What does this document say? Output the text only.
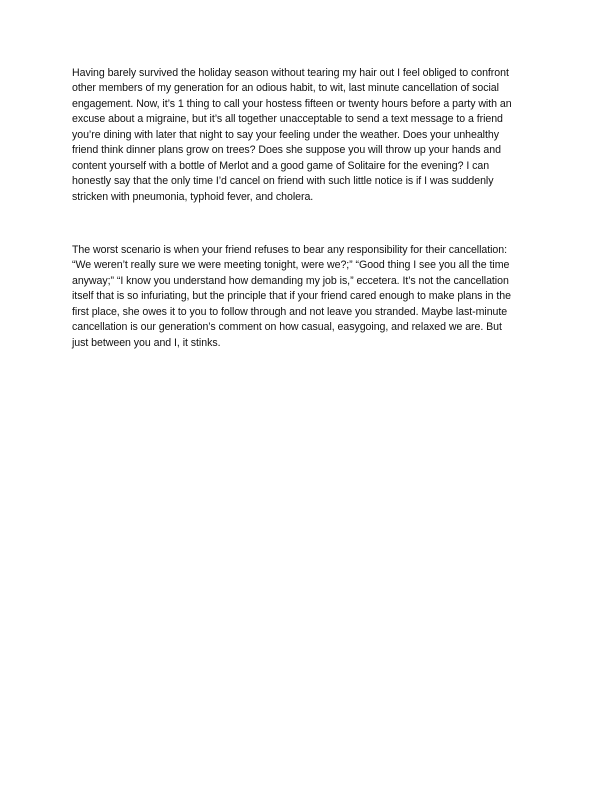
Having barely survived the holiday season without tearing my hair out I feel obliged to confront
other members of my generation for an odious habit, to wit, last minute cancellation of social
engagement. Now, it’s 1 thing to call your hostess fifteen or twenty hours before a party with an
excuse about a migraine, but it’s all together unacceptable to send a text message to a friend
you’re dining with later that night to say your feeling under the weather. Does your unhealthy
friend think dinner plans grow on trees? Does she suppose you will throw up your hands and
content yourself with a bottle of Merlot and a good game of Solitaire for the evening? I can
honestly say that the only time I’d cancel on friend with such little notice is if I was suddenly
stricken with pneumonia, typhoid fever, and cholera.
The worst scenario is when your friend refuses to bear any responsibility for their cancellation:
“We weren’t really sure we were meeting tonight, were we?;” “Good thing I see you all the time
anyway;” “I know you understand how demanding my job is,” eccetera. It’s not the cancellation
itself that is so infuriating, but the principle that if your friend cared enough to make plans in the
first place, she owes it to you to follow through and not leave you stranded. Maybe last-minute
cancellation is our generation’s comment on how casual, easygoing, and relaxed we are. But
just between you and I, it stinks.
